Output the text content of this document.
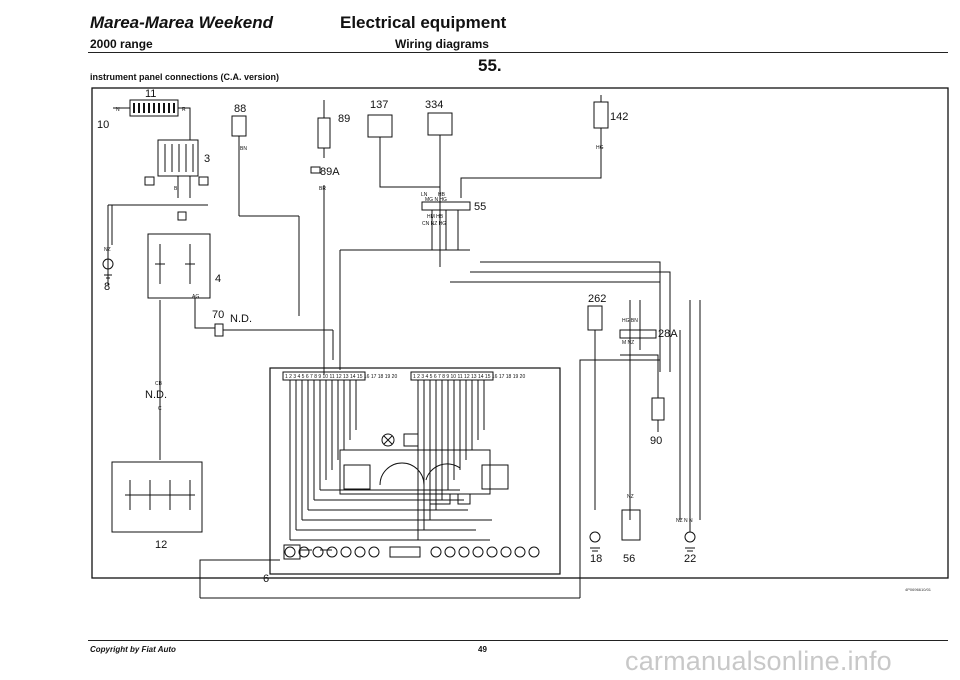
Marea-Marea Weekend
2000 range
Electrical equipment
Wiring diagrams
55.
instrument panel connections (C.A. version)
11
10
3
4
8
88
89
89A
137	334
55
142
70 N.D.
N.D.
262
28A
90
12
6
18 56	22
N	R
B
NZ
BN	HG
BR
LN HB
MG N HG
HM HB
CN NZ HG
AG
CB
C
NZ
HG BN
M NZ
NZ N N
1 2 3 4 5 6 7 8 9 10 11 12 13 14 15 16 17 18 19 20	1 2 3 4 5 6 7 8 9 10 11 12 13 14 15 16 17 18 19 20
4P0696610/01
Copyright by Fiat Auto	49	carmanualsonline.info
